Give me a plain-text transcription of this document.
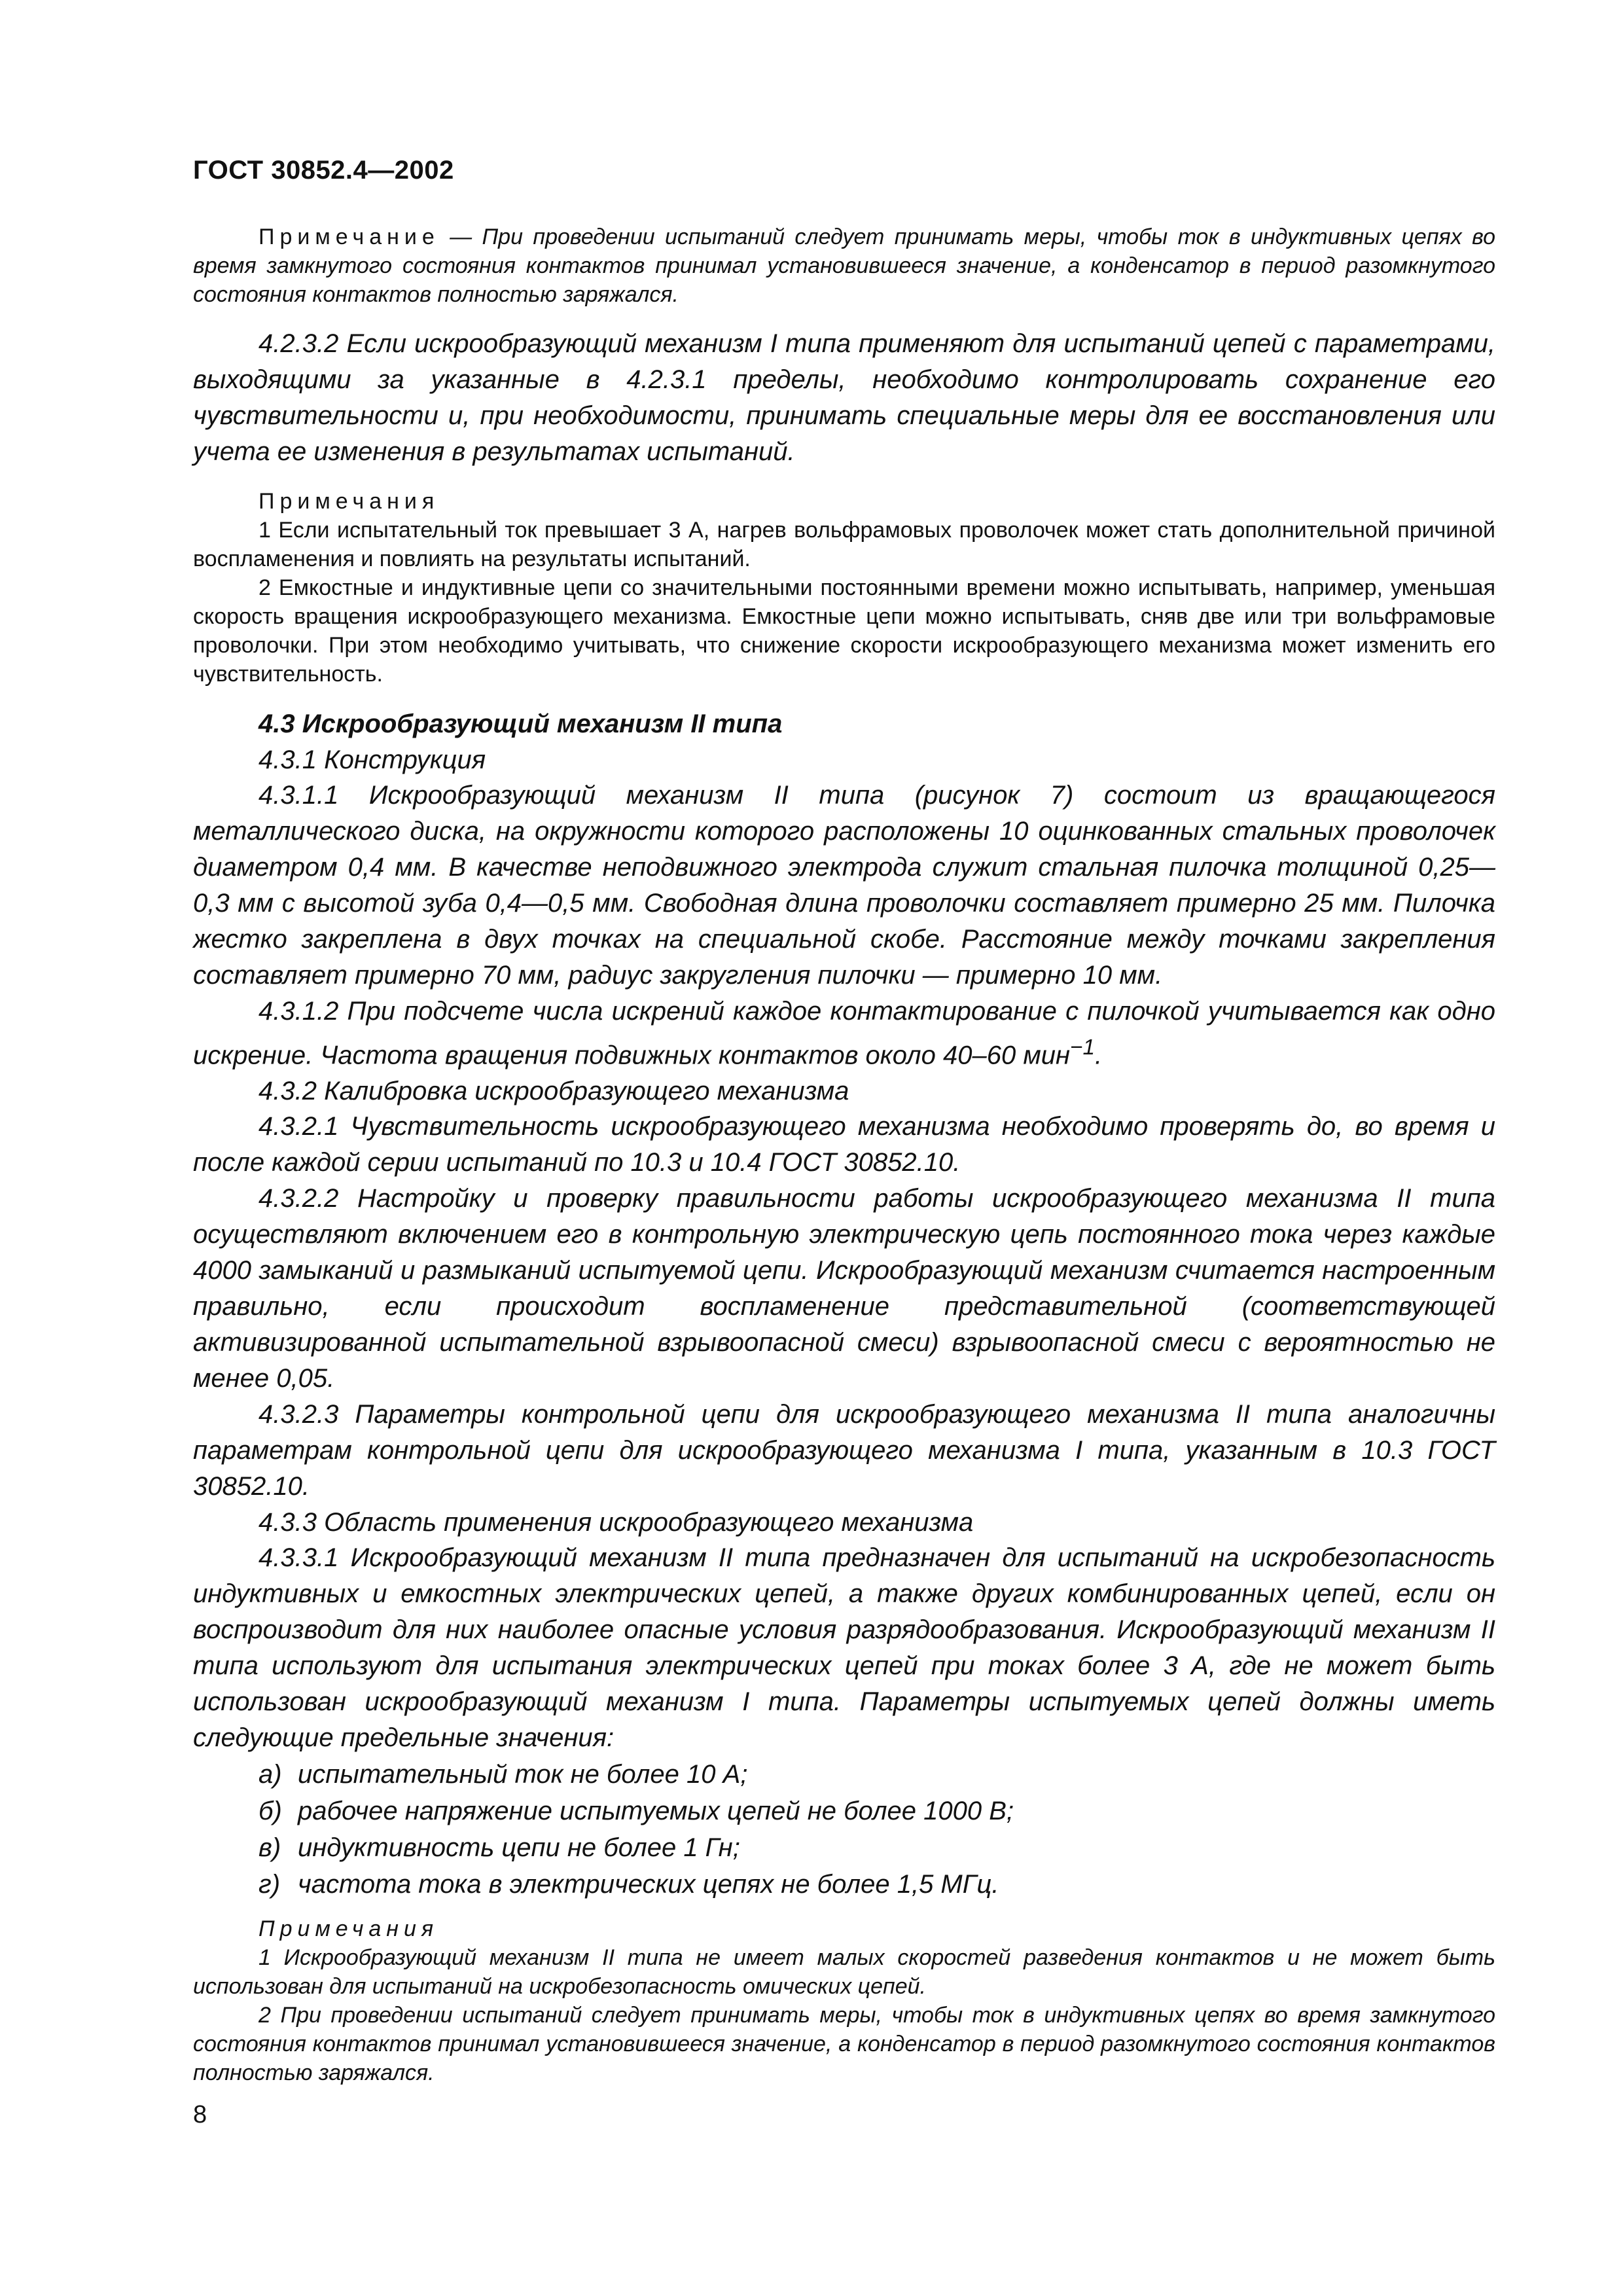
ГОСТ 30852.4—2002

Примечание — При проведении испытаний следует принимать меры, чтобы ток в индуктивных цепях во время замкнутого состояния контактов принимал установившееся значение, а конденсатор в период разомкнутого состояния контактов полностью заряжался.

4.2.3.2 Если искрообразующий механизм I типа применяют для испытаний цепей с параметрами, выходящими за указанные в 4.2.3.1 пределы, необходимо контролировать сохранение его чувствительности и, при необходимости, принимать специальные меры для ее восстановления или учета ее изменения в результатах испытаний.

Примечания

1 Если испытательный ток превышает 3 А, нагрев вольфрамовых проволочек может стать дополнительной причиной воспламенения и повлиять на результаты испытаний.

2 Емкостные и индуктивные цепи со значительными постоянными времени можно испытывать, например, уменьшая скорость вращения искрообразующего механизма. Емкостные цепи можно испытывать, сняв две или три вольфрамовые проволочки. При этом необходимо учитывать, что снижение скорости искрообразующего механизма может изменить его чувствительность.

4.3 Искрообразующий механизм II типа

4.3.1 Конструкция

4.3.1.1 Искрообразующий механизм II типа (рисунок 7) состоит из вращающегося металлического диска, на окружности которого расположены 10 оцинкованных стальных проволочек диаметром 0,4 мм. В качестве неподвижного электрода служит стальная пилочка толщиной 0,25—0,3 мм с высотой зуба 0,4—0,5 мм. Свободная длина проволочки составляет примерно 25 мм. Пилочка жестко закреплена в двух точках на специальной скобе. Расстояние между точками закрепления составляет примерно 70 мм, радиус закругления пилочки — примерно 10 мм.

4.3.1.2 При подсчете числа искрений каждое контактирование с пилочкой учитывается как одно искрение. Частота вращения подвижных контактов около 40–60 мин$^{-1}$.

4.3.2 Калибровка искрообразующего механизма

4.3.2.1 Чувствительность искрообразующего механизма необходимо проверять до, во время и после каждой серии испытаний по 10.3 и 10.4 ГОСТ 30852.10.

4.3.2.2 Настройку и проверку правильности работы искрообразующего механизма II типа осуществляют включением его в контрольную электрическую цепь постоянного тока через каждые 4000 замыканий и размыканий испытуемой цепи. Искрообразующий механизм считается настроенным правильно, если происходит воспламенение представительной (соответствующей активизированной испытательной взрывоопасной смеси) взрывоопасной смеси с вероятностью не менее 0,05.

4.3.2.3 Параметры контрольной цепи для искрообразующего механизма II типа аналогичны параметрам контрольной цепи для искрообразующего механизма I типа, указанным в 10.3 ГОСТ 30852.10.

4.3.3 Область применения искрообразующего механизма

4.3.3.1 Искрообразующий механизм II типа предназначен для испытаний на искробезопасность индуктивных и емкостных электрических цепей, а также других комбинированных цепей, если он воспроизводит для них наиболее опасные условия разрядообразования. Искрообразующий механизм II типа используют для испытания электрических цепей при токах более 3 А, где не может быть использован искрообразующий механизм I типа. Параметры испытуемых цепей должны иметь следующие предельные значения:

а) испытательный ток не более 10 А;
б) рабочее напряжение испытуемых цепей не более 1000 В;
в) индуктивность цепи не более 1 Гн;
г) частота тока в электрических цепях не более 1,5 МГц.

Примечания

1 Искрообразующий механизм II типа не имеет малых скоростей разведения контактов и не может быть использован для испытаний на искробезопасность омических цепей.

2 При проведении испытаний следует принимать меры, чтобы ток в индуктивных цепях во время замкнутого состояния контактов принимал установившееся значение, а конденсатор в период разомкнутого состояния контактов полностью заряжался.

8
